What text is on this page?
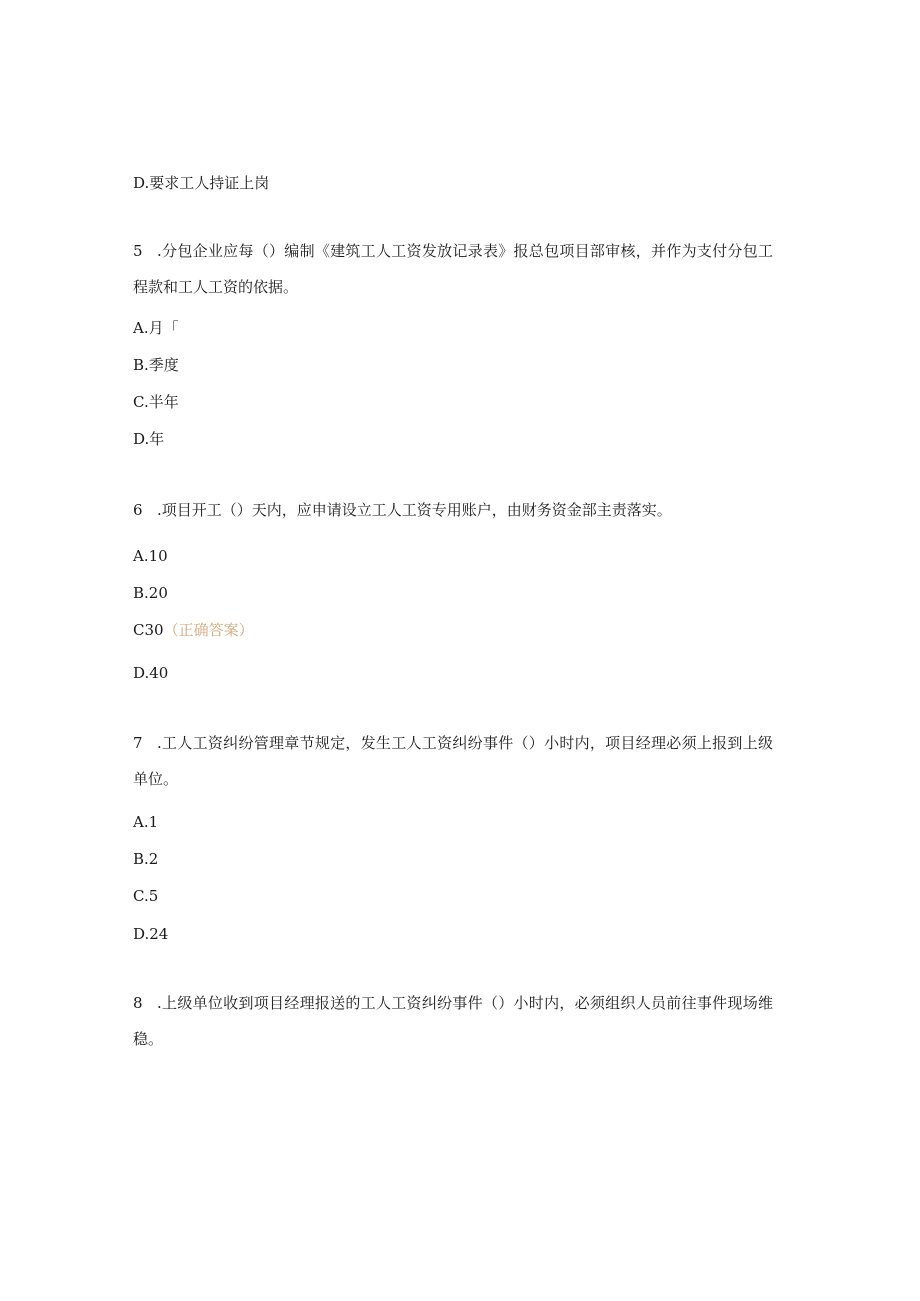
D.要求工人持证上岗
5 .分包企业应每（）编制《建筑工人工资发放记录表》报总包项目部审核，并作为支付分包工程款和工人工资的依据。
A.月「
B.季度
C.半年
D.年
6 .项目开工（）天内，应申请设立工人工资专用账户，由财务资金部主责落实。
A.10
B.20
C30（正确答案）
D.40
7 .工人工资纠纷管理章节规定，发生工人工资纠纷事件（）小时内，项目经理必须上报到上级单位。
A.1
B.2
C.5
D.24
8 .上级单位收到项目经理报送的工人工资纠纷事件（）小时内，必须组织人员前往事件现场维稳。
